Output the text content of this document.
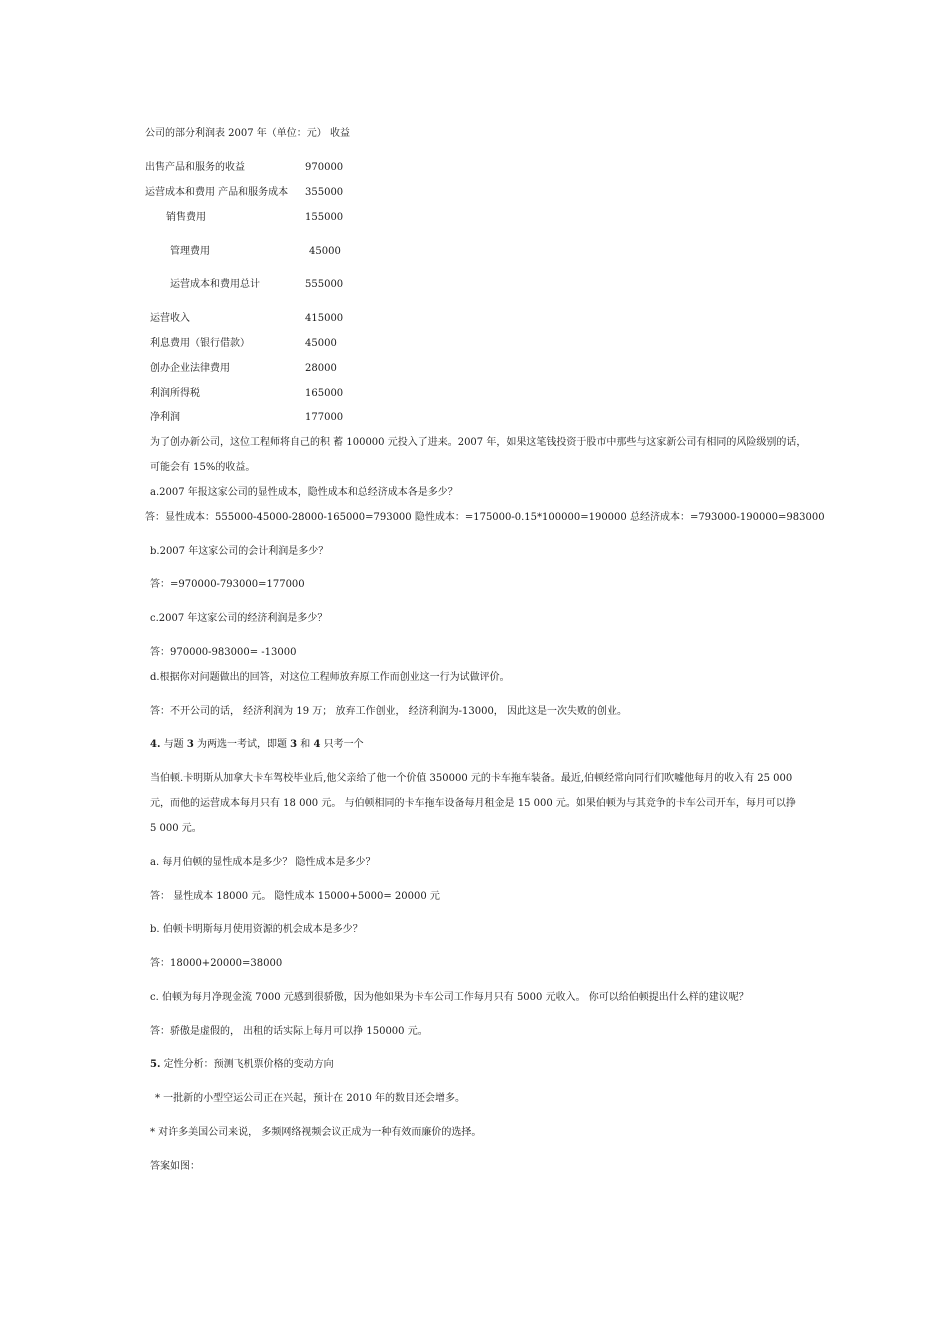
公司的部分利润表 2007 年（单位：元） 收益
出售产品和服务的收益	970000
运营成本和费用 产品和服务成本 355000
销售费用	155000
管理费用	45000
运营成本和费用总计	555000
运营收入	415000
利息费用（银行借款）	45000
创办企业法律费用	28000
利润所得税	165000
净利润	177000
为了创办新公司，这位工程师将自己的积 蓄 100000 元投入了进来。2007 年，如果这笔钱投资于股市中那些与这家新公司有相同的风险级别的话，
可能会有 15%的收益。
a.2007 年报这家公司的显性成本，隐性成本和总经济成本各是多少？
答：显性成本：555000-45000-28000-165000=793000 隐性成本：=175000-0.15*100000=190000 总经济成本：=793000-190000=983000
b.2007 年这家公司的会计利润是多少？
答：=970000-793000=177000
c.2007 年这家公司的经济利润是多少？
答：970000-983000= -13000
d.根据你对问题做出的回答，对这位工程师放弃原工作而创业这一行为试做评价。
答：不开公司的话， 经济利润为 19 万； 放弃工作创业， 经济利润为-13000， 因此这是一次失败的创业。
4. 与题 3 为两选一考试，即题 3 和 4 只考一个
当伯顿.卡明斯从加拿大卡车驾校毕业后,他父亲给了他一个价值 350000 元的卡车拖车装备。最近,伯顿经常向同行们吹嘘他每月的收入有 25 000
元，而他的运营成本每月只有 18 000 元。 与伯顿相同的卡车拖车设备每月租金是 15 000 元。如果伯顿为与其竞争的卡车公司开车，每月可以挣
5 000 元。
a. 每月伯顿的显性成本是多少？ 隐性成本是多少？
答： 显性成本 18000 元。 隐性成本 15000+5000= 20000 元
b. 伯顿卡明斯每月使用资源的机会成本是多少？
答：18000+20000=38000
c. 伯顿为每月净现金流 7000 元感到很骄傲，因为他如果为卡车公司工作每月只有 5000 元收入。 你可以给伯顿提出什么样的建议呢？
答：骄傲是虚假的， 出租的话实际上每月可以挣 150000 元。
5. 定性分析：预测飞机票价格的变动方向
* 一批新的小型空运公司正在兴起，预计在 2010 年的数目还会增多。
* 对许多美国公司来说， 多频网络视频会议正成为一种有效而廉价的选择。
答案如图：
